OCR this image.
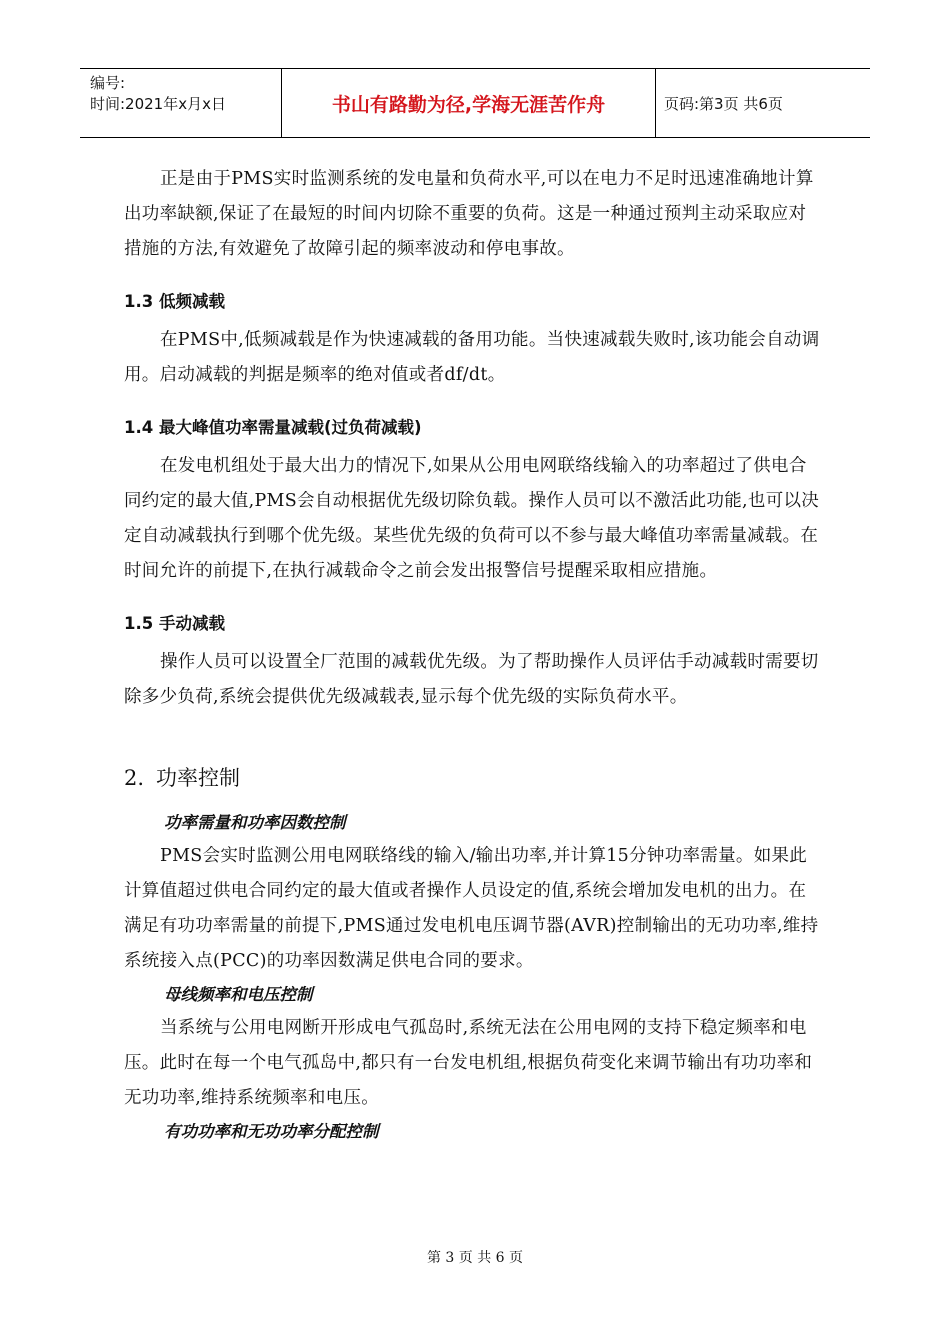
编号:
时间:2021年x月x日	书山有路勤为径,学海无涯苦作舟	页码:第3页 共6页

正是由于PMS实时监测系统的发电量和负荷水平,可以在电力不足时迅速准确地计算出功率缺额,保证了在最短的时间内切除不重要的负荷。这是一种通过预判主动采取应对措施的方法,有效避免了故障引起的频率波动和停电事故。

1.3 低频减载

在PMS中,低频减载是作为快速减载的备用功能。当快速减载失败时,该功能会自动调用。启动减载的判据是频率的绝对值或者df/dt。

1.4 最大峰值功率需量减载(过负荷减载)

在发电机组处于最大出力的情况下,如果从公用电网联络线输入的功率超过了供电合同约定的最大值,PMS会自动根据优先级切除负载。操作人员可以不激活此功能,也可以决定自动减载执行到哪个优先级。某些优先级的负荷可以不参与最大峰值功率需量减载。在时间允许的前提下,在执行减载命令之前会发出报警信号提醒采取相应措施。

1.5 手动减载

操作人员可以设置全厂范围的减载优先级。为了帮助操作人员评估手动减载时需要切除多少负荷,系统会提供优先级减载表,显示每个优先级的实际负荷水平。

2. 功率控制

功率需量和功率因数控制

PMS会实时监测公用电网联络线的输入/输出功率,并计算15分钟功率需量。如果此计算值超过供电合同约定的最大值或者操作人员设定的值,系统会增加发电机的出力。在满足有功功率需量的前提下,PMS通过发电机电压调节器(AVR)控制输出的无功功率,维持系统接入点(PCC)的功率因数满足供电合同的要求。

母线频率和电压控制

当系统与公用电网断开形成电气孤岛时,系统无法在公用电网的支持下稳定频率和电压。此时在每一个电气孤岛中,都只有一台发电机组,根据负荷变化来调节输出有功功率和无功功率,维持系统频率和电压。

有功功率和无功功率分配控制

第 3 页 共 6 页
